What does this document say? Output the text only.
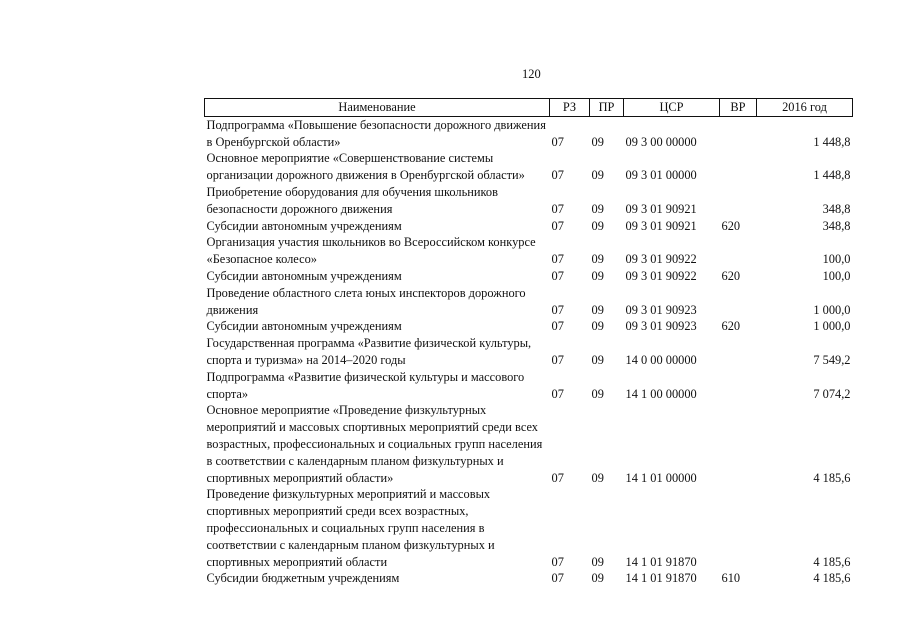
120
Наименование	РЗ	ПР	ЦСР	ВР	2016 год
Подпрограмма «Повышение безопасности дорожного движения в Оренбургской области»	07	09	09 3 00 00000		1 448,8
Основное мероприятие «Совершенствование системы организации дорожного движения в Оренбургской области»	07	09	09 3 01 00000		1 448,8
Приобретение оборудования для обучения школьников безопасности дорожного движения	07	09	09 3 01 90921		348,8
Субсидии автономным учреждениям	07	09	09 3 01 90921	620	348,8
Организация участия школьников во Всероссийском конкурсе «Безопасное колесо»	07	09	09 3 01 90922		100,0
Субсидии автономным учреждениям	07	09	09 3 01 90922	620	100,0
Проведение областного слета юных инспекторов дорожного движения	07	09	09 3 01 90923		1 000,0
Субсидии автономным учреждениям	07	09	09 3 01 90923	620	1 000,0
Государственная программа «Развитие физической культуры, спорта и туризма» на 2014–2020 годы	07	09	14 0 00 00000		7 549,2
Подпрограмма «Развитие физической культуры и массового спорта»	07	09	14 1 00 00000		7 074,2
Основное мероприятие «Проведение физкультурных мероприятий и массовых спортивных мероприятий среди всех возрастных, профессиональных и социальных групп населения в соответствии с календарным планом физкультурных и спортивных мероприятий области»	07	09	14 1 01 00000		4 185,6
Проведение физкультурных мероприятий и массовых спортивных мероприятий среди всех возрастных, профессиональных и социальных групп населения в соответствии с календарным планом физкультурных и спортивных мероприятий области	07	09	14 1 01 91870		4 185,6
Субсидии бюджетным учреждениям	07	09	14 1 01 91870	610	4 185,6
